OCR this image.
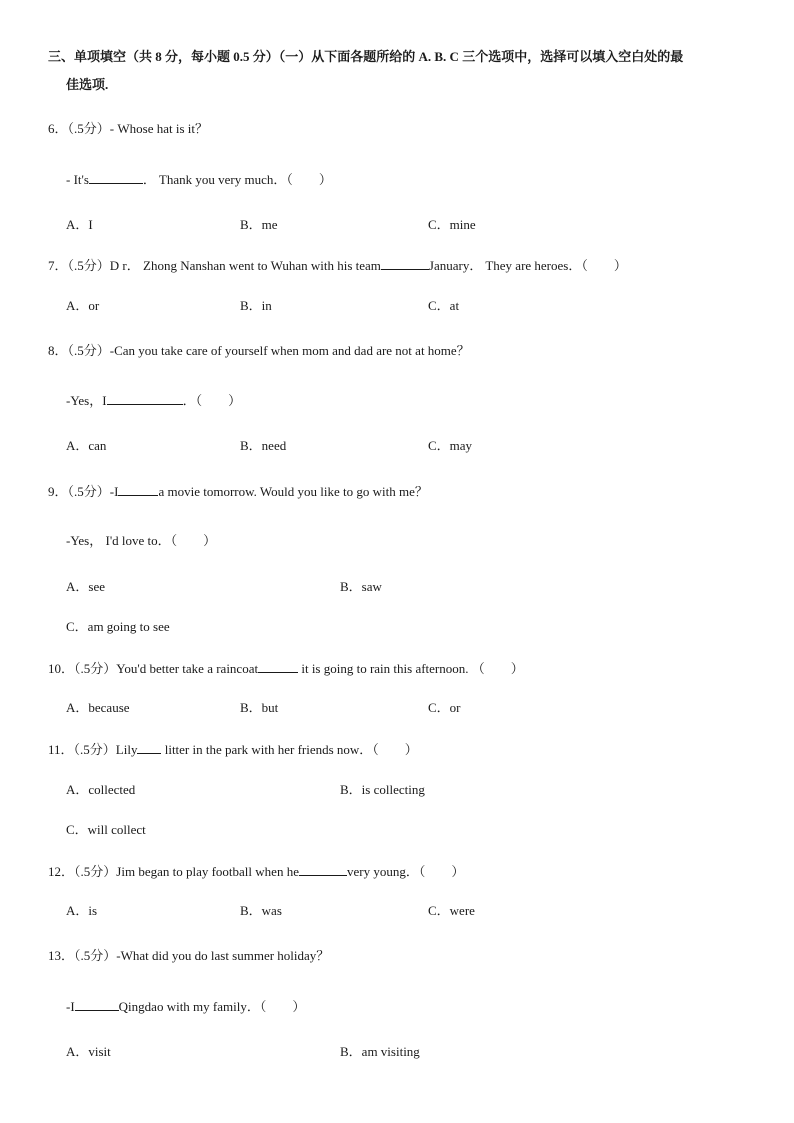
三、单项填空（共 8 分，每小题 0.5 分）（一）从下面各题所给的 A. B. C 三个选项中，选择可以填入空白处的最
佳选项.
6．（.5分）- Whose hat is it？
- It's	． Thank you very much．（　　）
A．I	B．me	C．mine
7．（.5分）D r． Zhong Nanshan went to Wuhan with his team	January． They are heroes．（　　）
A．or	B．in	C．at
8．（.5分）-Can you take care of yourself when mom and dad are not at home？
-Yes，I	．（　　）
A．can	B．need	C．may
9．（.5分）-I	a movie tomorrow. Would you like to go with me？
-Yes， I'd love to．（　　）
A．see	B．saw
C．am going to see
10．（.5分）You'd better take a raincoat	it is going to rain this afternoon. （　　）
A．because	B．but	C．or
11．（.5分）Lily litter in the park with her friends now．（　　）
A．collected	B．is collecting
C．will collect
12．（.5分）Jim began to play football when he	very young．（　　）
A．is	B．was	C．were
13．（.5分）-What did you do last summer holiday？
-I	Qingdao with my family．（　　）
A．visit	B．am visiting
